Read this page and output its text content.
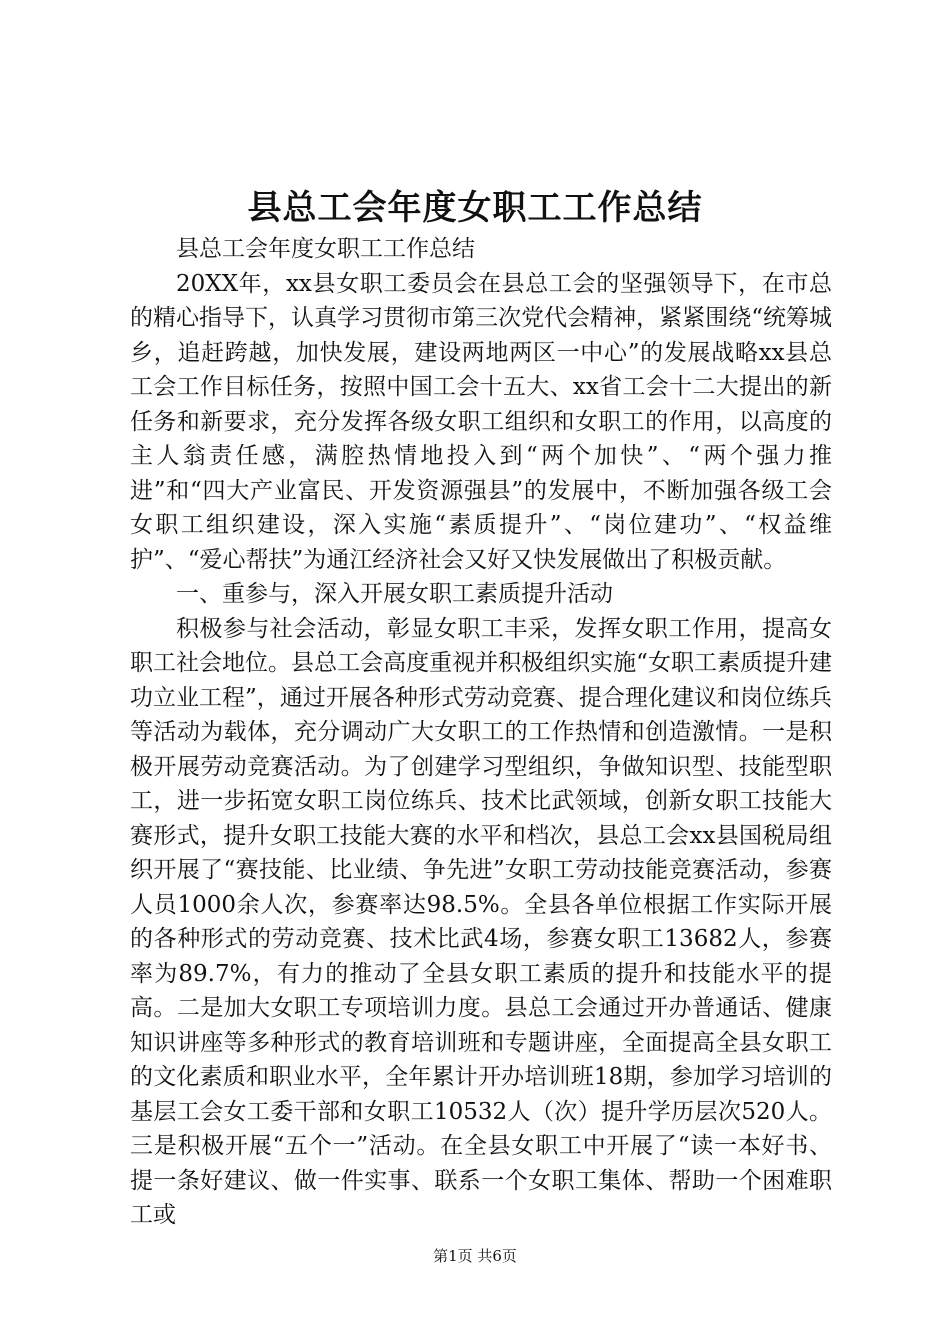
县总工会年度女职工工作总结

县总工会年度女职工工作总结

20XX年，xx县女职工委员会在县总工会的坚强领导下，在市总的精心指导下，认真学习贯彻市第三次党代会精神，紧紧围绕“统筹城乡，追赶跨越，加快发展，建设两地两区一中心”的发展战略xx县总工会工作目标任务，按照中国工会十五大、xx省工会十二大提出的新任务和新要求，充分发挥各级女职工组织和女职工的作用，以高度的主人翁责任感，满腔热情地投入到“两个加快”、“两个强力推进”和“四大产业富民、开发资源强县”的发展中，不断加强各级工会女职工组织建设，深入实施“素质提升”、“岗位建功”、“权益维护”、“爱心帮扶”为通江经济社会又好又快发展做出了积极贡献。

一、重参与，深入开展女职工素质提升活动

积极参与社会活动，彰显女职工丰采，发挥女职工作用，提高女职工社会地位。县总工会高度重视并积极组织实施“女职工素质提升建功立业工程”，通过开展各种形式劳动竞赛、提合理化建议和岗位练兵等活动为载体，充分调动广大女职工的工作热情和创造激情。一是积极开展劳动竞赛活动。为了创建学习型组织，争做知识型、技能型职工，进一步拓宽女职工岗位练兵、技术比武领域，创新女职工技能大赛形式，提升女职工技能大赛的水平和档次，县总工会xx县国税局组织开展了“赛技能、比业绩、争先进”女职工劳动技能竞赛活动，参赛人员1000余人次，参赛率达98.5%。全县各单位根据工作实际开展的各种形式的劳动竞赛、技术比武4场，参赛女职工13682人，参赛率为89.7%，有力的推动了全县女职工素质的提升和技能水平的提高。二是加大女职工专项培训力度。县总工会通过开办普通话、健康知识讲座等多种形式的教育培训班和专题讲座，全面提高全县女职工的文化素质和职业水平，全年累计开办培训班18期，参加学习培训的基层工会女工委干部和女职工10532人（次）提升学历层次520人。三是积极开展“五个一”活动。在全县女职工中开展了“读一本好书、提一条好建议、做一件实事、联系一个女职工集体、帮助一个困难职工或

第1页 共6页
